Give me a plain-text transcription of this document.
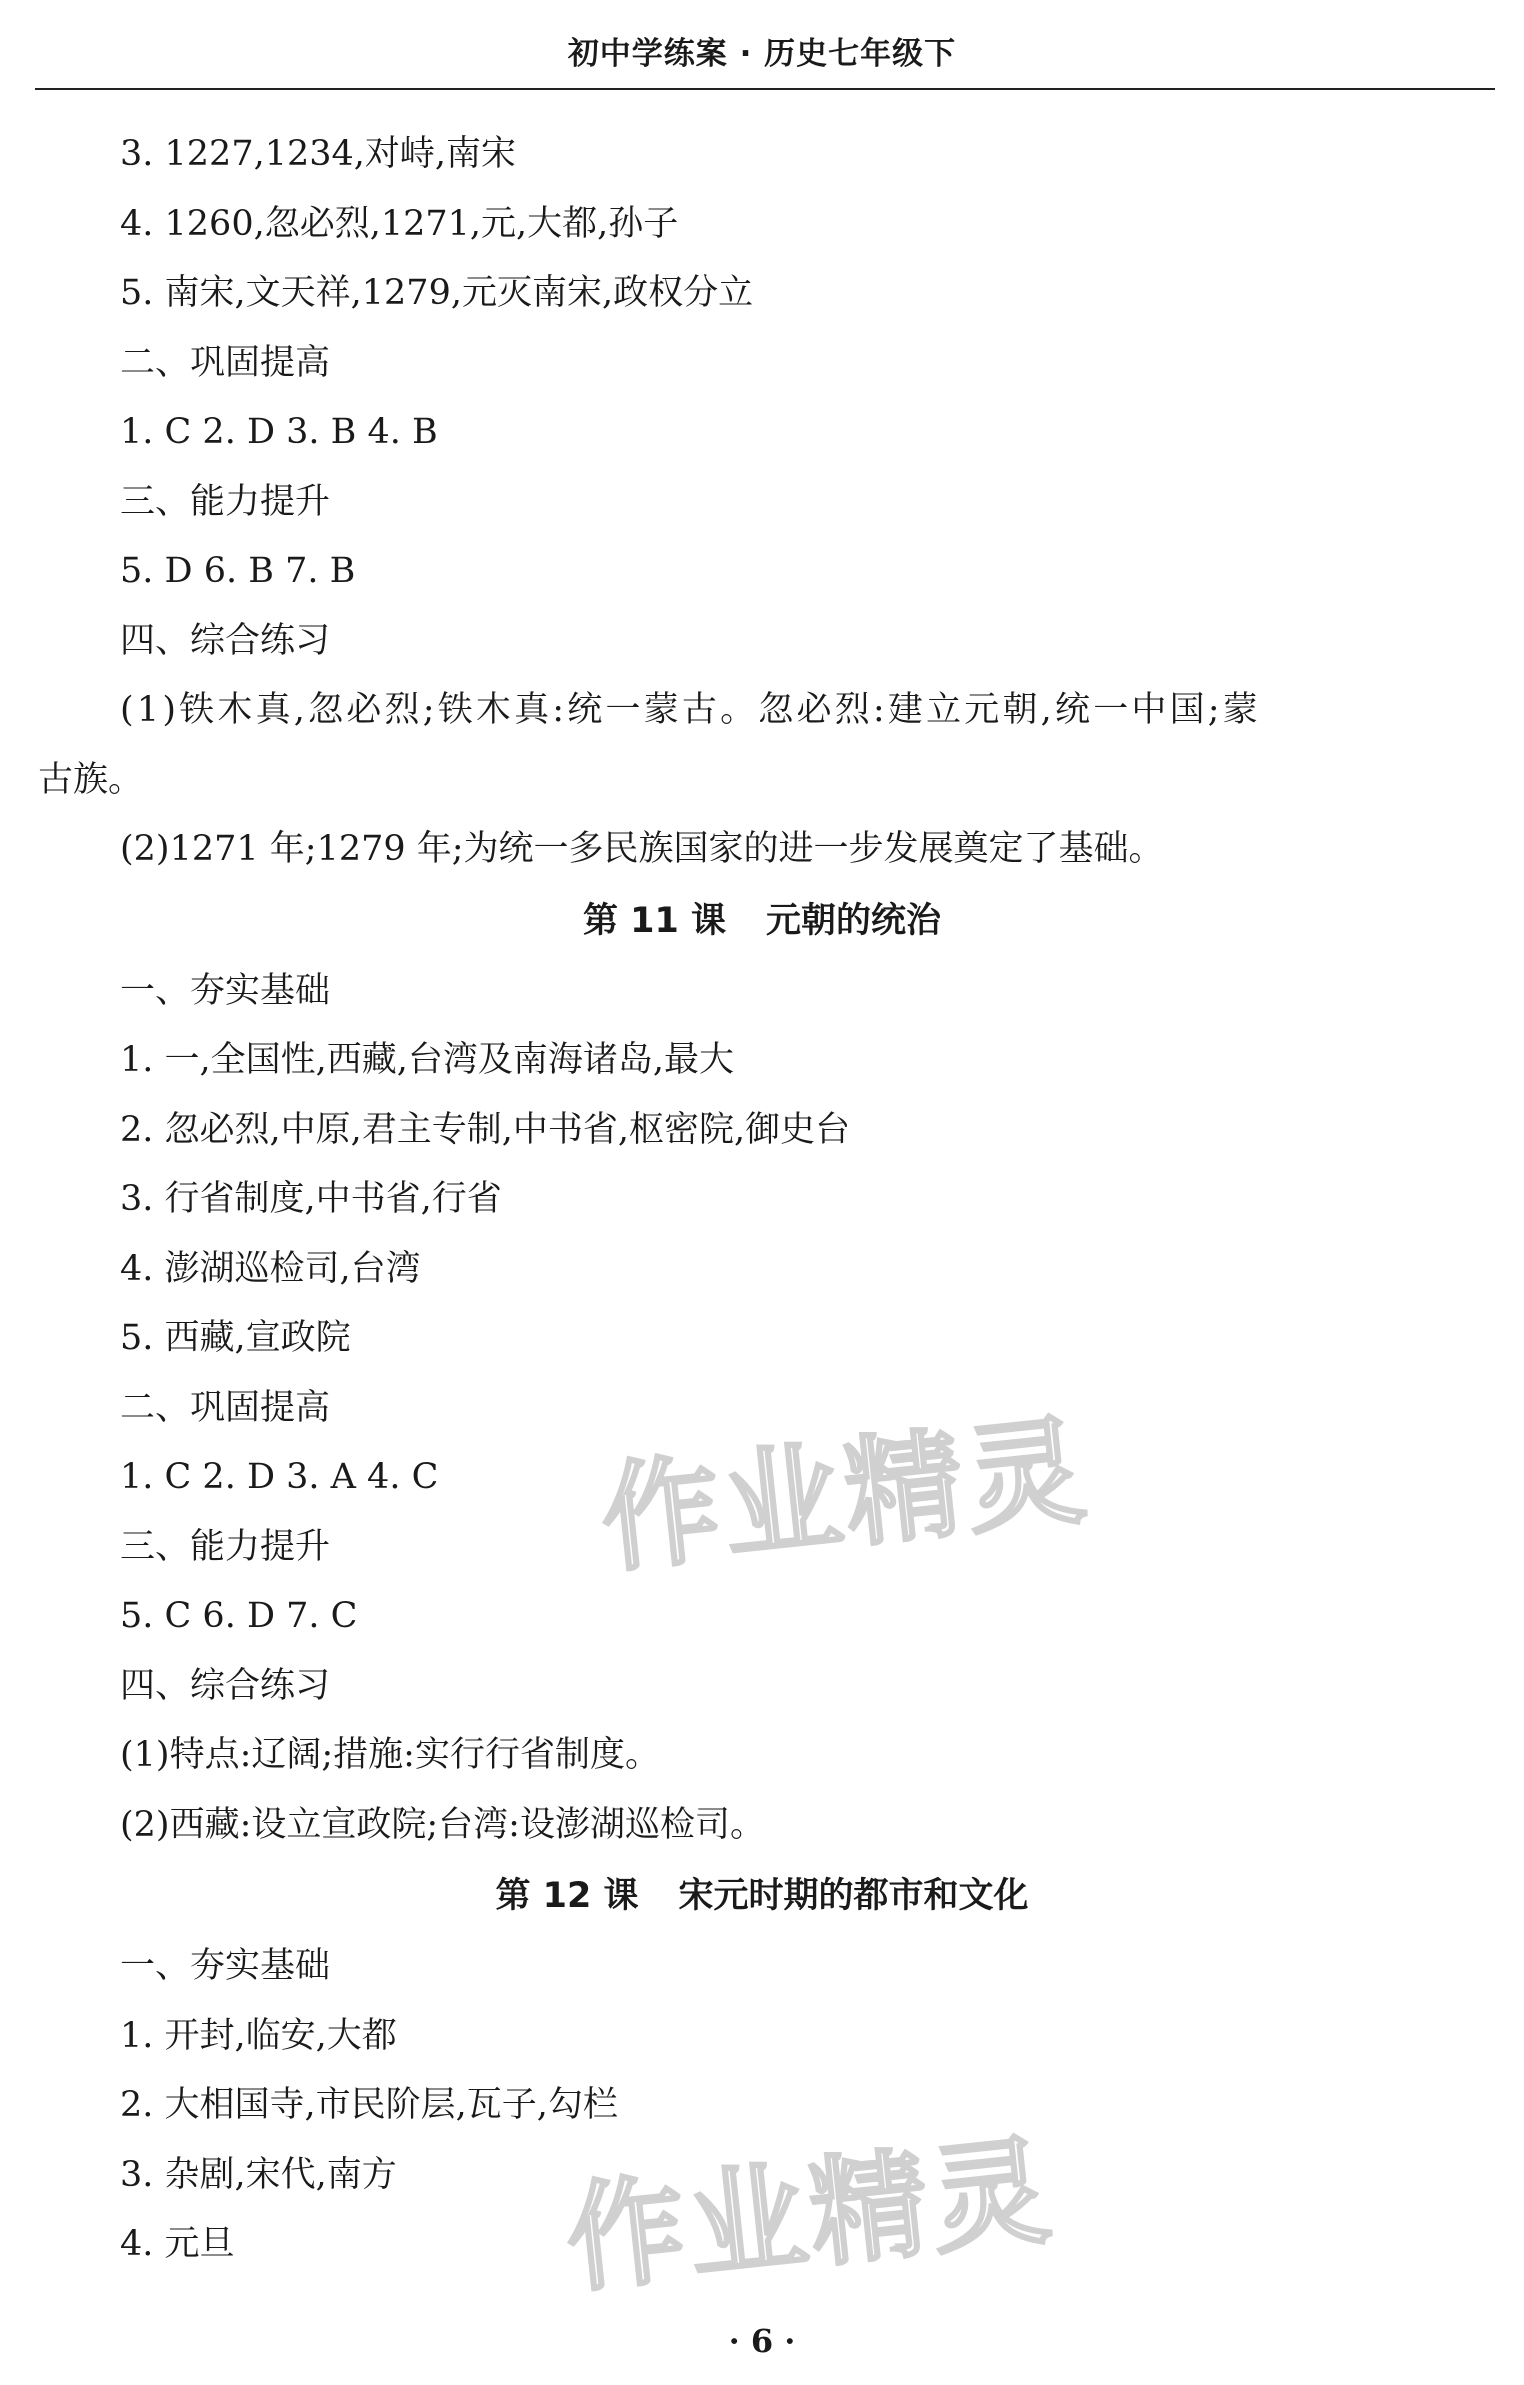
初中学练案 · 历史七年级下
3. 1227,1234,对峙,南宋
4. 1260,忽必烈,1271,元,大都,孙子
5. 南宋,文天祥,1279,元灭南宋,政权分立
二、巩固提高
1. C 2. D 3. B 4. B
三、能力提升
5. D 6. B 7. B
四、综合练习
(1)铁木真,忽必烈;铁木真:统一蒙古。忽必烈:建立元朝,统一中国;蒙
古族。
(2)1271 年;1279 年;为统一多民族国家的进一步发展奠定了基础。
第 11 课 元朝的统治
一、夯实基础
1. 一,全国性,西藏,台湾及南海诸岛,最大
2. 忽必烈,中原,君主专制,中书省,枢密院,御史台
3. 行省制度,中书省,行省
4. 澎湖巡检司,台湾
5. 西藏,宣政院
二、巩固提高
1. C 2. D 3. A 4. C
三、能力提升
5. C 6. D 7. C
四、综合练习
(1)特点:辽阔;措施:实行行省制度。
(2)西藏:设立宣政院;台湾:设澎湖巡检司。
第 12 课 宋元时期的都市和文化
一、夯实基础
1. 开封,临安,大都
2. 大相国寺,市民阶层,瓦子,勾栏
3. 杂剧,宋代,南方
4. 元旦
作业精灵
作业精灵
· 6 ·
